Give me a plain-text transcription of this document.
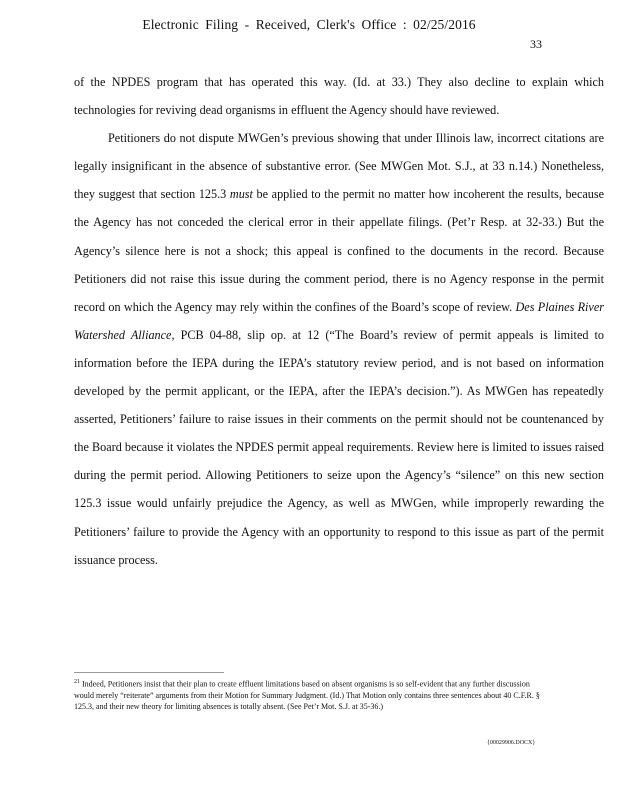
Electronic Filing - Received, Clerk's Office : 02/25/2016
33

of the NPDES program that has operated this way. (Id. at 33.) They also decline to explain which technologies for reviving dead organisms in effluent the Agency should have reviewed.

Petitioners do not dispute MWGen’s previous showing that under Illinois law, incorrect citations are legally insignificant in the absence of substantive error. (See MWGen Mot. S.J., at 33 n.14.) Nonetheless, they suggest that section 125.3 must be applied to the permit no matter how incoherent the results, because the Agency has not conceded the clerical error in their appellate filings. (Pet’r Resp. at 32-33.) But the Agency’s silence here is not a shock; this appeal is confined to the documents in the record. Because Petitioners did not raise this issue during the comment period, there is no Agency response in the permit record on which the Agency may rely within the confines of the Board’s scope of review. Des Plaines River Watershed Alliance, PCB 04-88, slip op. at 12 (“The Board’s review of permit appeals is limited to information before the IEPA during the IEPA’s statutory review period, and is not based on information developed by the permit applicant, or the IEPA, after the IEPA’s decision.”). As MWGen has repeatedly asserted, Petitioners’ failure to raise issues in their comments on the permit should not be countenanced by the Board because it violates the NPDES permit appeal requirements. Review here is limited to issues raised during the permit period. Allowing Petitioners to seize upon the Agency’s “silence” on this new section 125.3 issue would unfairly prejudice the Agency, as well as MWGen, while improperly rewarding the Petitioners’ failure to provide the Agency with an opportunity to respond to this issue as part of the permit issuance process.

$^{21}$ Indeed, Petitioners insist that their plan to create effluent limitations based on absent organisms is so self-evident that any further discussion would merely “reiterate” arguments from their Motion for Summary Judgment. (Id.) That Motion only contains three sentences about 40 C.F.R. § 125.3, and their new theory for limiting absences is totally absent. (See Pet’r Mot. S.J. at 35-36.)

{00029906.DOCX}
